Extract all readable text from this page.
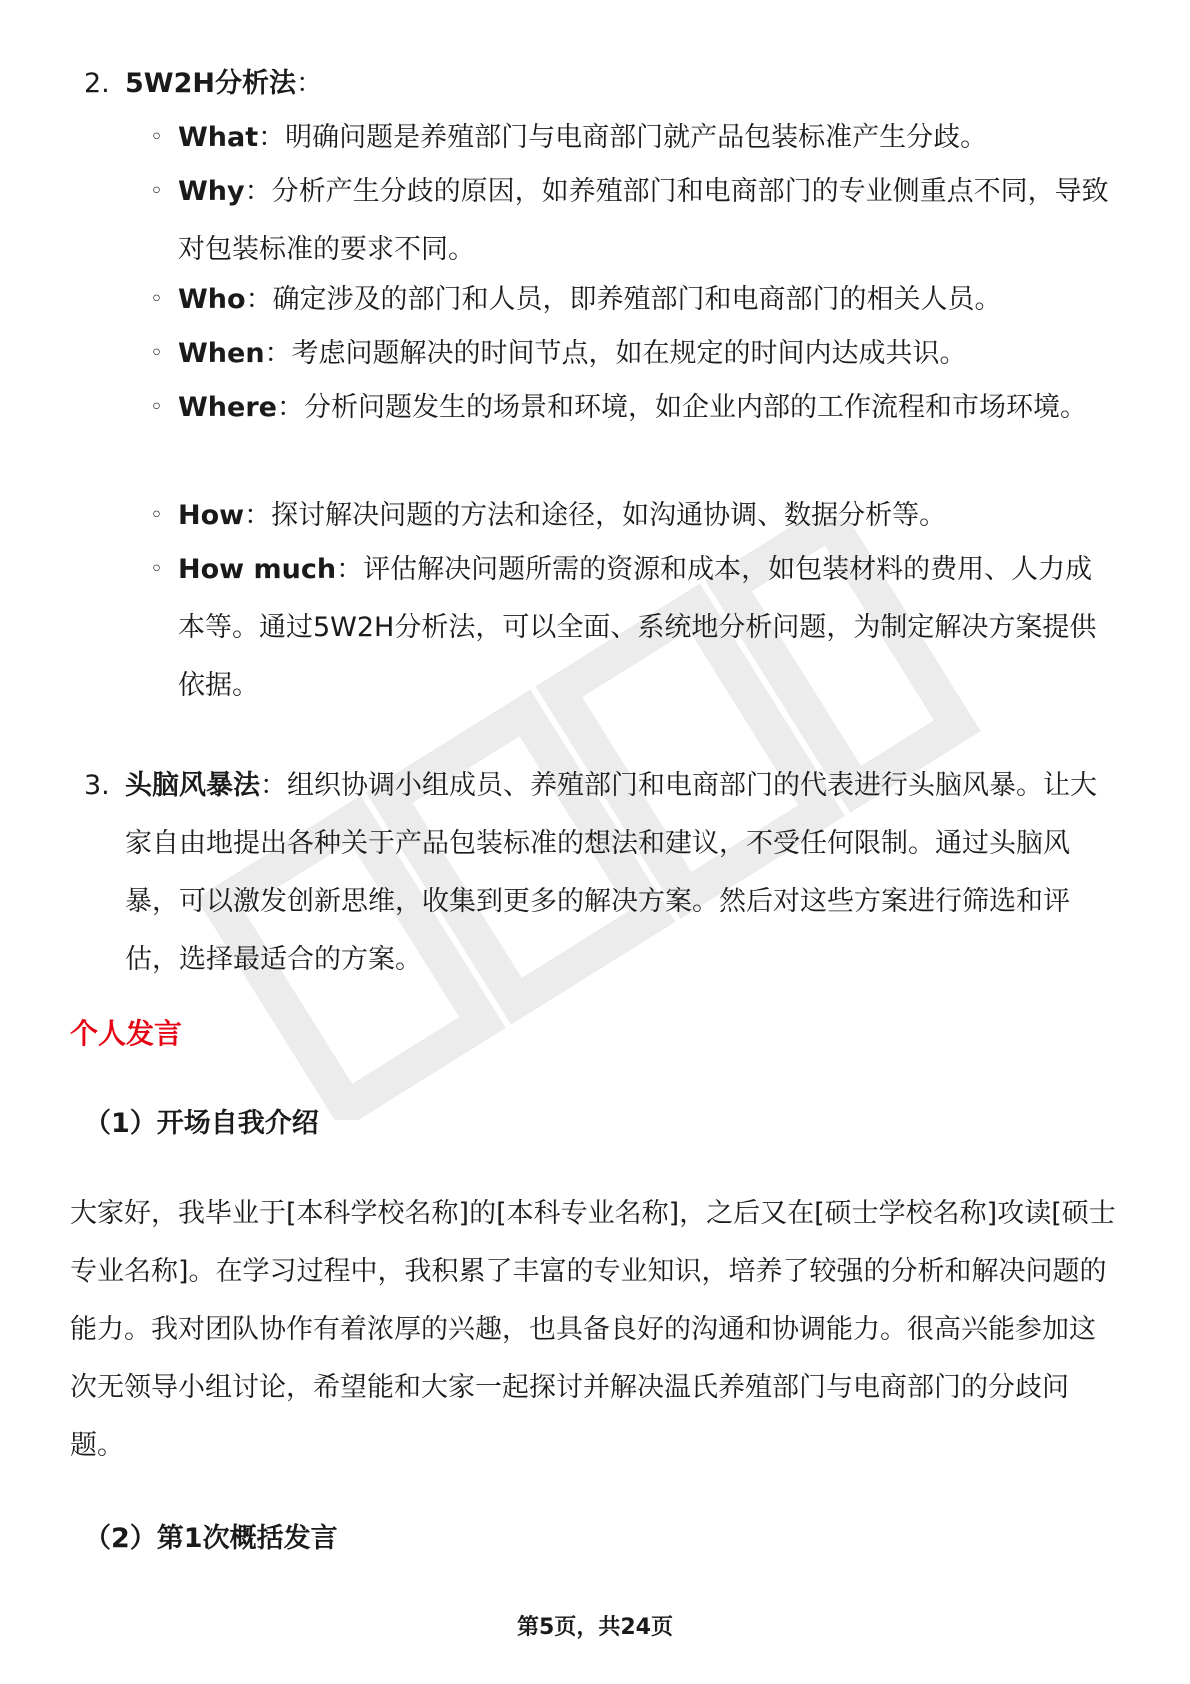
2. 5W2H分析法：
◦ What：明确问题是养殖部门与电商部门就产品包装标准产生分歧。
◦ Why：分析产生分歧的原因，如养殖部门和电商部门的专业侧重点不同，导致对包装标准的要求不同。
◦ Who：确定涉及的部门和人员，即养殖部门和电商部门的相关人员。
◦ When：考虑问题解决的时间节点，如在规定的时间内达成共识。
◦ Where：分析问题发生的场景和环境，如企业内部的工作流程和市场环境。
◦ How：探讨解决问题的方法和途径，如沟通协调、数据分析等。
◦ How much：评估解决问题所需的资源和成本，如包装材料的费用、人力成本等。通过5W2H分析法，可以全面、系统地分析问题，为制定解决方案提供依据。
3. 头脑风暴法：组织协调小组成员、养殖部门和电商部门的代表进行头脑风暴。让大家自由地提出各种关于产品包装标准的想法和建议，不受任何限制。通过头脑风暴，可以激发创新思维，收集到更多的解决方案。然后对这些方案进行筛选和评估，选择最适合的方案。
个人发言
（1）开场自我介绍
大家好，我毕业于[本科学校名称]的[本科专业名称]，之后又在[硕士学校名称]攻读[硕士专业名称]。在学习过程中，我积累了丰富的专业知识，培养了较强的分析和解决问题的能力。我对团队协作有着浓厚的兴趣，也具备良好的沟通和协调能力。很高兴能参加这次无领导小组讨论，希望能和大家一起探讨并解决温氏养殖部门与电商部门的分歧问题。
（2）第1次概括发言
第5页，共24页
